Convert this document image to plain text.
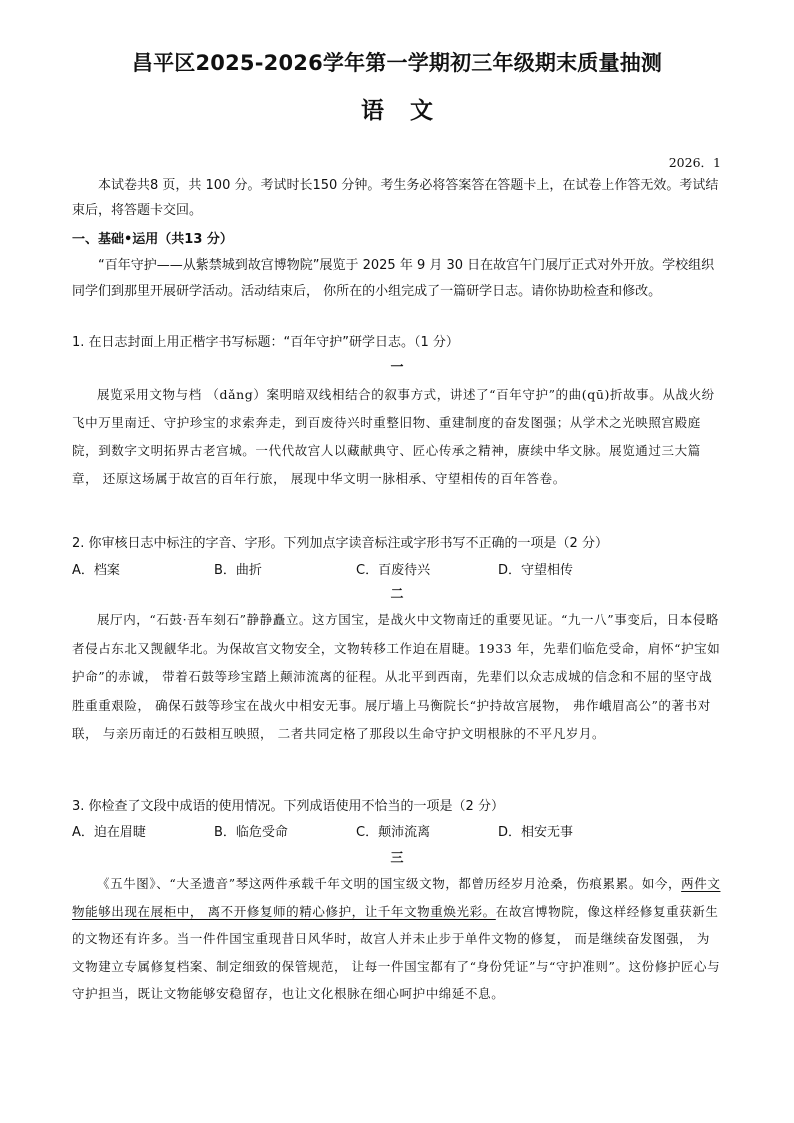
昌平区2025-2026学年第一学期初三年级期末质量抽测
语 文
2026．1
本试卷共8 页，共 100 分。考试时长150 分钟。考生务必将答案答在答题卡上，在试卷上作答无效。考试结束后，将答题卡交回。
一、基础•运用（共13 分）
“百年守护——从紫禁城到故宫博物院”展览于 2025 年 9 月 30 日在故宫午门展厅正式对外开放。学校组织同学们到那里开展研学活动。活动结束后， 你所在的小组完成了一篇研学日志。请你协助检查和修改。
1. 在日志封面上用正楷字书写标题：“百年守护”研学日志。（1 分）
一
展览采用文物与档 （dǎng）案明暗双线相结合的叙事方式，讲述了“百年守护”的曲(qū)折故事。从战火纷飞中万里南迁、守护珍宝的求索奔走，到百废待兴时重整旧物、重建制度的奋发图强；从学术之光映照宫殿庭院，到数字文明拓界古老宫城。一代代故宫人以藏献典守、匠心传承之精神，赓续中华文脉。展览通过三大篇章， 还原这场属于故宫的百年行旅， 展现中华文明一脉相承、守望相传的百年答卷。
2. 你审核日志中标注的字音、字形。下列加点字读音标注或字形书写不正确的一项是（2 分）
A．档案	B．曲折	C．百废待兴	D．守望相传
二
展厅内，“石鼓·吾车刻石”静静矗立。这方国宝，是战火中文物南迁的重要见证。“九一八”事变后，日本侵略者侵占东北又觊觎华北。为保故宫文物安全，文物转移工作迫在眉睫。1933 年，先辈们临危受命，肩怀“护宝如护命”的赤诚， 带着石鼓等珍宝踏上颠沛流离的征程。从北平到西南，先辈们以众志成城的信念和不屈的坚守战胜重重艰险， 确保石鼓等珍宝在战火中相安无事。展厅墙上马衡院长“护持故宫展物， 弗作峨眉高公”的著书对联， 与亲历南迁的石鼓相互映照， 二者共同定格了那段以生命守护文明根脉的不平凡岁月。
3. 你检查了文段中成语的使用情况。下列成语使用不恰当的一项是（2 分）
A．迫在眉睫	B．临危受命	C．颠沛流离	D．相安无事
三
《五牛图》、“大圣遗音”琴这两件承载千年文明的国宝级文物，都曾历经岁月沧桑，伤痕累累。如今，两件文物能够出现在展柜中， 离不开修复师的精心修护，让千年文物重焕光彩。在故宫博物院，像这样经修复重获新生的文物还有许多。当一件件国宝重现昔日风华时，故宫人并未止步于单件文物的修复， 而是继续奋发图强， 为文物建立专属修复档案、制定细致的保管规范， 让每一件国宝都有了“身份凭证”与“守护准则”。这份修护匠心与守护担当，既让文物能够安稳留存，也让文化根脉在细心呵护中绵延不息。
